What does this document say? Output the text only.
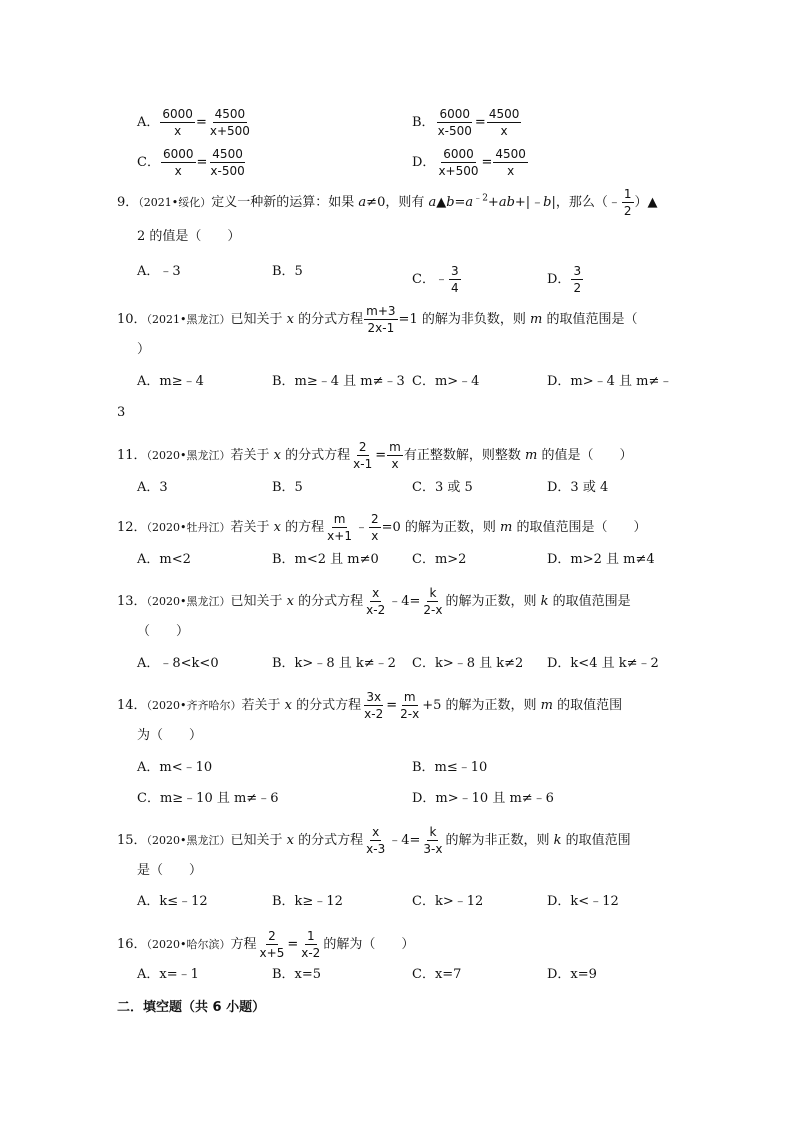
A． $\frac{6000}{x} = \frac{4500}{x+500}$	B． $\frac{6000}{x-500} = \frac{4500}{x}$
C． $\frac{6000}{x} = \frac{4500}{x-500}$	D． $\frac{6000}{x+500} = \frac{4500}{x}$
9．（2021•绥化）定义一种新的运算：如果 a≠0，则有 $a▲b=a^{﹣2}+ab+|﹣b|$，那么（﹣ $\frac{1}{2}$ ）▲
2 的值是（　　）
A．﹣3	B．5
C．﹣ $\frac{3}{4}$	D． $\frac{3}{2}$
10．（2021•黑龙江）已知关于 x 的分式方程 $\frac{m+3}{2x-1} =1$ 的解为非负数，则 m 的取值范围是（
）
A．m≥﹣4	B．m≥﹣4 且 m≠﹣3 C．m>﹣4	D．m>﹣4 且 m≠﹣
3
11．（2020•黑龙江）若关于 x 的分式方程 $\frac{2}{x-1} = \frac{m}{x}$ 有正整数解，则整数 m 的值是（　　）
A．3	B．5	C．3 或 5	D．3 或 4
12．（2020•牡丹江）若关于 x 的方程 $\frac{m}{x+1}$ ﹣ $\frac{2}{x} =0$ 的解为正数，则 m 的取值范围是（　　）
A．m<2	B．m<2 且 m≠0	C．m>2	D．m>2 且 m≠4
13．（2020•黑龙江）已知关于 x 的分式方程 $\frac{x}{x-2}$ ﹣4= $\frac{k}{2-x}$ 的解为正数，则 k 的取值范围是
（　　）
A．﹣8<k<0	B．k>﹣8 且 k≠﹣2 C．k>﹣8 且 k≠2 D．k<4 且 k≠﹣2
14．（2020•齐齐哈尔）若关于 x 的分式方程 $\frac{3x}{x-2} = \frac{m}{2-x} +5$ 的解为正数，则 m 的取值范围
为（　　）
A．m<﹣10	B．m≤﹣10
C．m≥﹣10 且 m≠﹣6	D．m>﹣10 且 m≠﹣6
15．（2020•黑龙江）已知关于 x 的分式方程 $\frac{x}{x-3}$ ﹣4= $\frac{k}{3-x}$ 的解为非正数，则 k 的取值范围
是（　　）
A．k≤﹣12	B．k≥﹣12	C．k>﹣12	D．k<﹣12
16．（2020•哈尔滨）方程 $\frac{2}{x+5} = \frac{1}{x-2}$ 的解为（　　）
A．x=﹣1	B．x=5	C．x=7	D．x=9
二．填空题（共 6 小题）
